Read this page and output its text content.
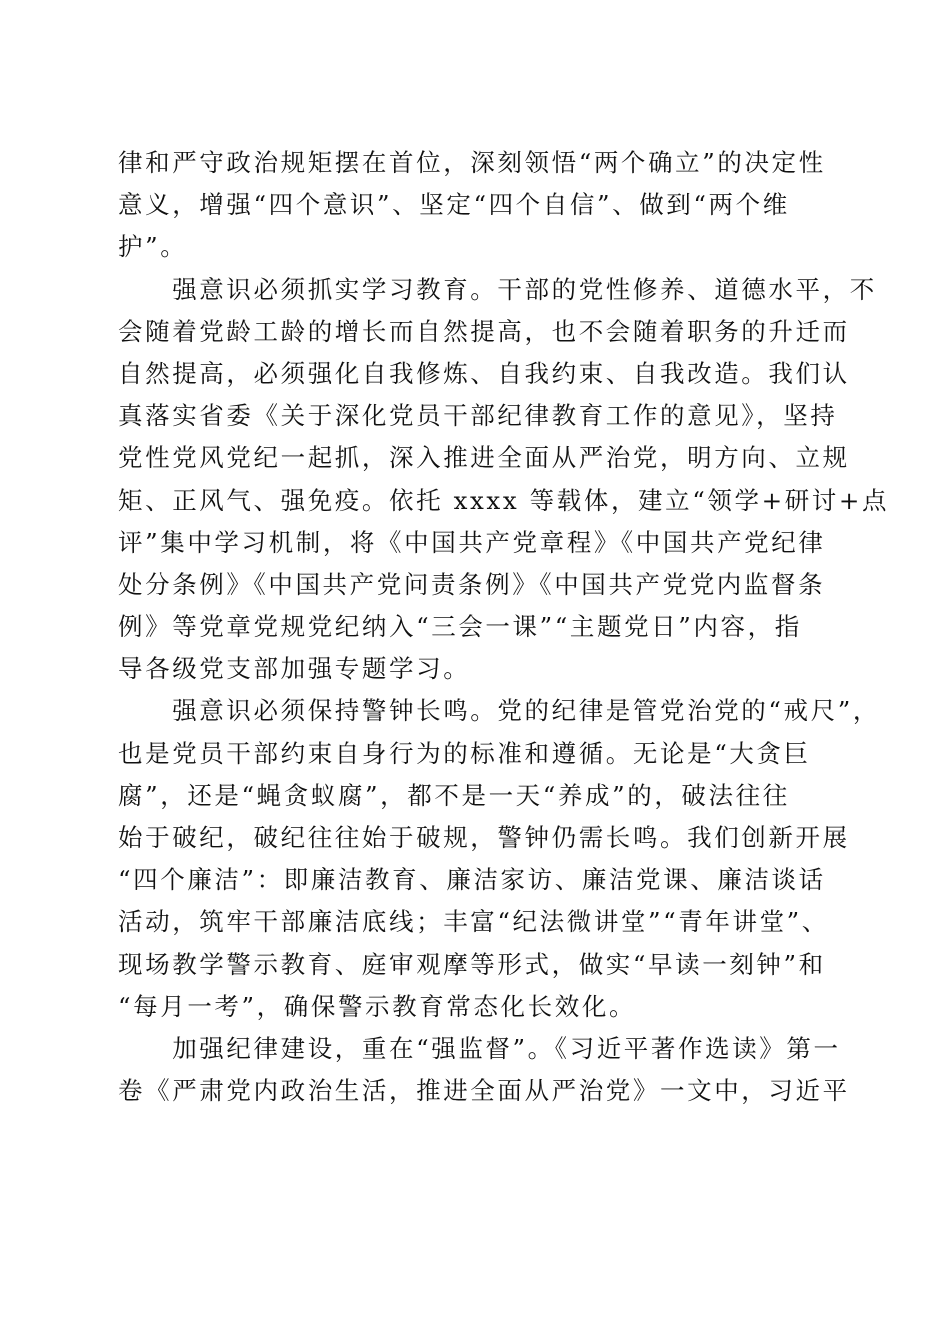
律和严守政治规矩摆在首位，深刻领悟“两个确立”的决定性
意义，增强“四个意识”、坚定“四个自信”、做到“两个维
护”。
　　强意识必须抓实学习教育。干部的党性修养、道德水平，不
会随着党龄工龄的增长而自然提高，也不会随着职务的升迁而
自然提高，必须强化自我修炼、自我约束、自我改造。我们认
真落实省委《关于深化党员干部纪律教育工作的意见》，坚持
党性党风党纪一起抓，深入推进全面从严治党，明方向、立规
矩、正风气、强免疫。依托 xxxx 等载体，建立“领学+研讨+点
评”集中学习机制，将《中国共产党章程》《中国共产党纪律
处分条例》《中国共产党问责条例》《中国共产党党内监督条
例》等党章党规党纪纳入“三会一课”“主题党日”内容，指
导各级党支部加强专题学习。
　　强意识必须保持警钟长鸣。党的纪律是管党治党的“戒尺”，
也是党员干部约束自身行为的标准和遵循。无论是“大贪巨
腐”，还是“蝇贪蚁腐”，都不是一天“养成”的，破法往往
始于破纪，破纪往往始于破规，警钟仍需长鸣。我们创新开展
“四个廉洁”：即廉洁教育、廉洁家访、廉洁党课、廉洁谈话
活动，筑牢干部廉洁底线；丰富“纪法微讲堂”“青年讲堂”、
现场教学警示教育、庭审观摩等形式，做实“早读一刻钟”和
“每月一考”，确保警示教育常态化长效化。
　　加强纪律建设，重在“强监督”。《习近平著作选读》第一
卷《严肃党内政治生活，推进全面从严治党》一文中，习近平
